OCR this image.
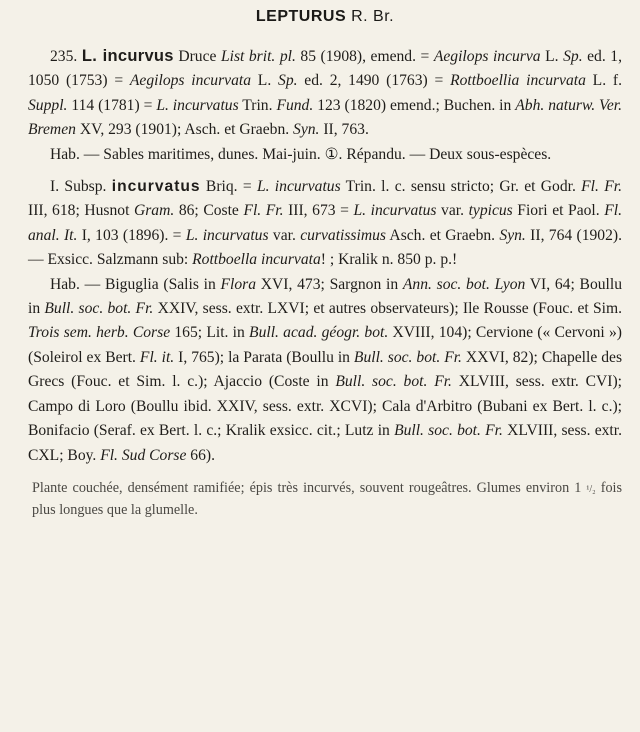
LEPTURUS R. Br.

235. L. incurvus Druce List brit. pl. 85 (1908), emend. = Aegilops incurva L. Sp. ed. 1, 1050 (1753) = Aegilops incurvata L. Sp. ed. 2, 1490 (1763) = Rottboellia incurvata L. f. Suppl. 114 (1781) = L. incurvatus Trin. Fund. 123 (1820) emend.; Buchen. in Abh. naturw. Ver. Bremen XV, 293 (1901); Asch. et Graebn. Syn. II, 763.

Hab. — Sables maritimes, dunes. Mai-juin. ①. Répandu. — Deux sous-espèces.

I. Subsp. incurvatus Briq. = L. incurvatus Trin. l. c. sensu stricto; Gr. et Godr. Fl. Fr. III, 618; Husnot Gram. 86; Coste Fl. Fr. III, 673 = L. incurvatus var. typicus Fiori et Paol. Fl. anal. It. I, 103 (1896). = L. incurvatus var. curvatissimus Asch. et Graebn. Syn. II, 764 (1902). — Exsicc. Salzmann sub: Rottboella incurvata! ; Kralik n. 850 p. p.!

Hab. — Biguglia (Salis in Flora XVI, 473; Sargnon in Ann. soc. bot. Lyon VI, 64; Boullu in Bull. soc. bot. Fr. XXIV, sess. extr. LXVI; et autres observateurs); Ile Rousse (Fouc. et Sim. Trois sem. herb. Corse 165; Lit. in Bull. acad. géogr. bot. XVIII, 104); Cervione (« Cervoni ») (Soleirol ex Bert. Fl. it. I, 765); la Parata (Boullu in Bull. soc. bot. Fr. XXVI, 82); Chapelle des Grecs (Fouc. et Sim. l. c.); Ajaccio (Coste in Bull. soc. bot. Fr. XLVIII, sess. extr. CVI); Campo di Loro (Boullu ibid. XXIV, sess. extr. XCVI); Cala d'Arbitro (Bubani ex Bert. l. c.); Bonifacio (Seraf. ex Bert. l. c.; Kralik exsicc. cit.; Lutz in Bull. soc. bot. Fr. XLVIII, sess. extr. CXL; Boy. Fl. Sud Corse 66).

Plante couchée, densément ramifiée; épis très incurvés, souvent rougeâtres. Glumes environ 1 ¹/₂ fois plus longues que la glumelle.
